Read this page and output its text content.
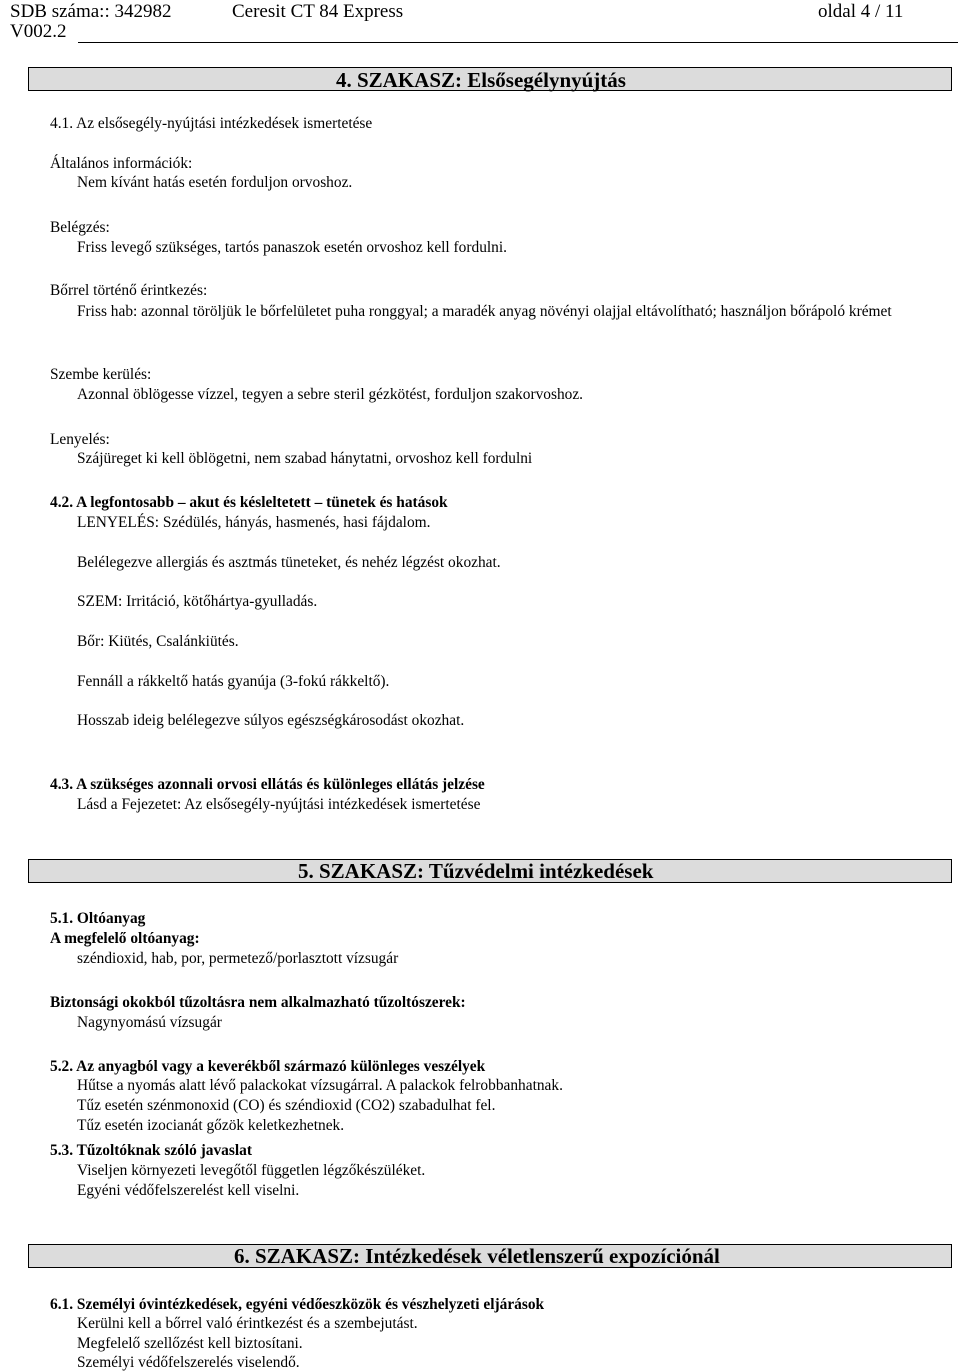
SDB száma:: 342982	Ceresit CT 84 Express	oldal 4 / 11
V002.2
4. SZAKASZ: Elsősegélynyújtás
4.1. Az elsősegély-nyújtási intézkedések ismertetése
Általános információk:
Nem kívánt hatás esetén forduljon orvoshoz.
Belégzés:
Friss levegő szükséges, tartós panaszok esetén orvoshoz kell fordulni.
Bőrrel történő érintkezés:
Friss hab: azonnal töröljük le bőrfelületet puha ronggyal; a maradék anyag növényi olajjal eltávolítható; használjon bőrápoló krémet
Szembe kerülés:
Azonnal öblögesse vízzel, tegyen a sebre steril gézkötést, forduljon szakorvoshoz.
Lenyelés:
Szájüreget ki kell öblögetni, nem szabad hánytatni, orvoshoz kell fordulni
4.2. A legfontosabb – akut és késleltetett – tünetek és hatások
LENYELÉS: Szédülés, hányás, hasmenés, hasi fájdalom.
Belélegezve allergiás és asztmás tüneteket, és nehéz légzést okozhat.
SZEM: Irritáció, kötőhártya-gyulladás.
Bőr: Kiütés, Csalánkiütés.
Fennáll a rákkeltő hatás gyanúja (3-fokú rákkeltő).
Hosszab ideig belélegezve súlyos egészségkárosodást okozhat.
4.3. A szükséges azonnali orvosi ellátás és különleges ellátás jelzése
Lásd a Fejezetet: Az elsősegély-nyújtási intézkedések ismertetése
5. SZAKASZ: Tűzvédelmi intézkedések
5.1. Oltóanyag
A megfelelő oltóanyag:
széndioxid, hab, por, permetező/porlasztott vízsugár
Biztonsági okokból tűzoltásra nem alkalmazható tűzoltószerek:
Nagynyomású vízsugár
5.2. Az anyagból vagy a keverékből származó különleges veszélyek
Hűtse a nyomás alatt lévő palackokat vízsugárral. A palackok felrobbanhatnak.
Tűz esetén szénmonoxid (CO) és széndioxid (CO2) szabadulhat fel.
Tűz esetén izocianát gőzök keletkezhetnek.
5.3. Tűzoltóknak szóló javaslat
Viseljen környezeti levegőtől független légzőkészüléket.
Egyéni védőfelszerelést kell viselni.
6. SZAKASZ: Intézkedések véletlenszerű expozíciónál
6.1. Személyi óvintézkedések, egyéni védőeszközök és vészhelyzeti eljárások
Kerülni kell a bőrrel való érintkezést és a szembejutást.
Megfelelő szellőzést kell biztosítani.
Személyi védőfelszerelés viselendő.
